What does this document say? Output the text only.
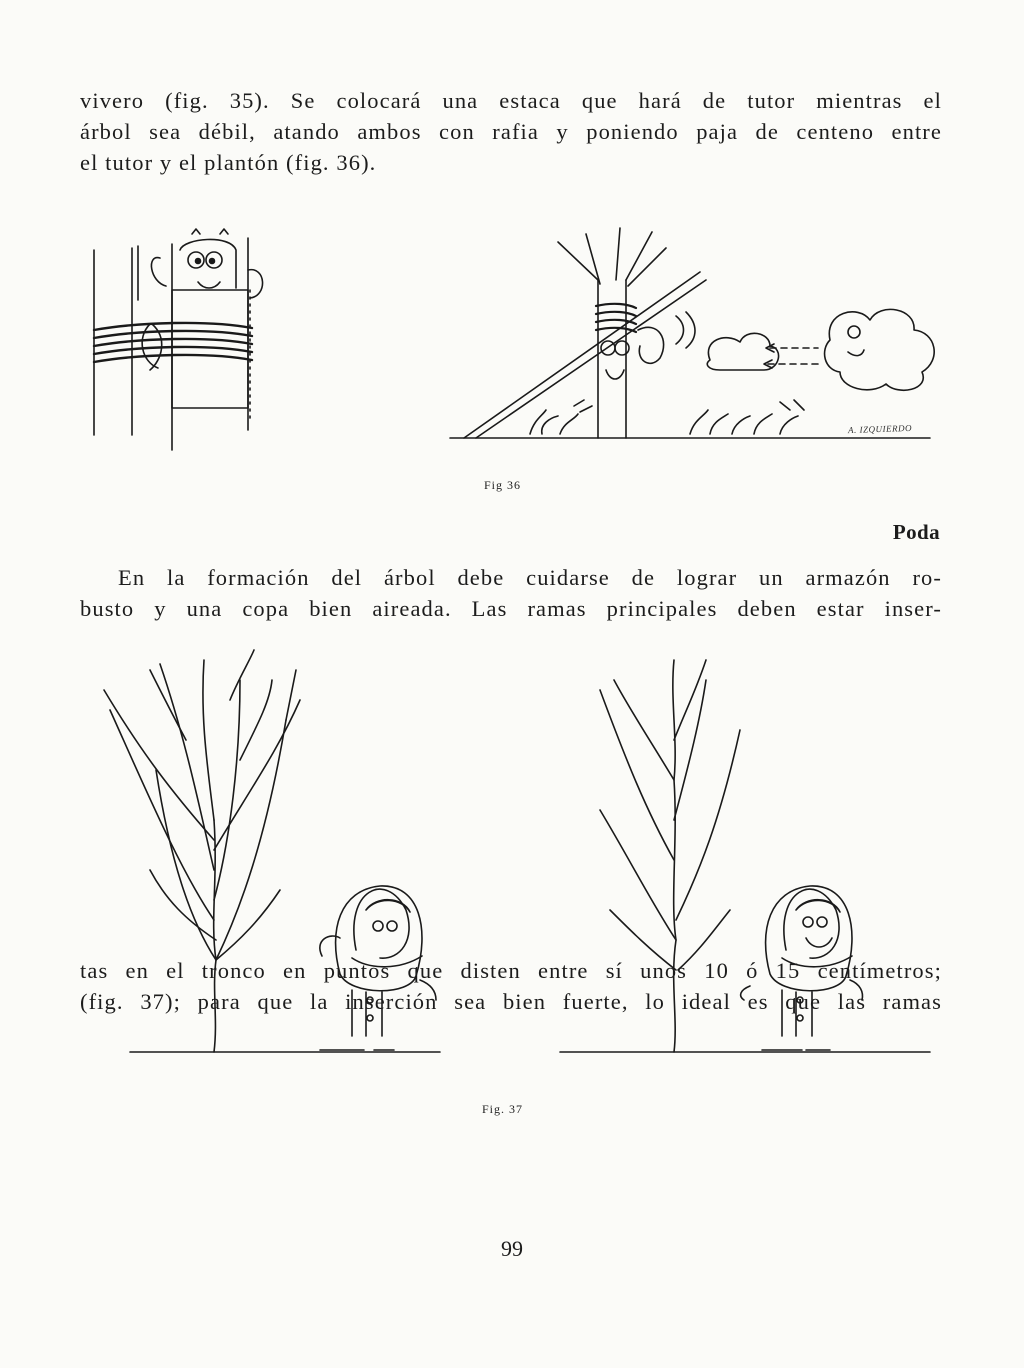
vivero (fig. 35). Se colocará una estaca que hará de tutor mientras el
árbol sea débil, atando ambos con rafia y poniendo paja de centeno entre
el tutor y el plantón (fig. 36).

A. IZQUIERDO
Fig 36
Poda

En la formación del árbol debe cuidarse de lograr un armazón ro-
busto y una copa bien aireada. Las ramas principales deben estar inser-

Fig. 37

tas en el tronco en puntos que disten entre sí unos 10 ó 15 centímetros;
(fig. 37); para que la inserción sea bien fuerte, lo ideal es que las ramas

99
